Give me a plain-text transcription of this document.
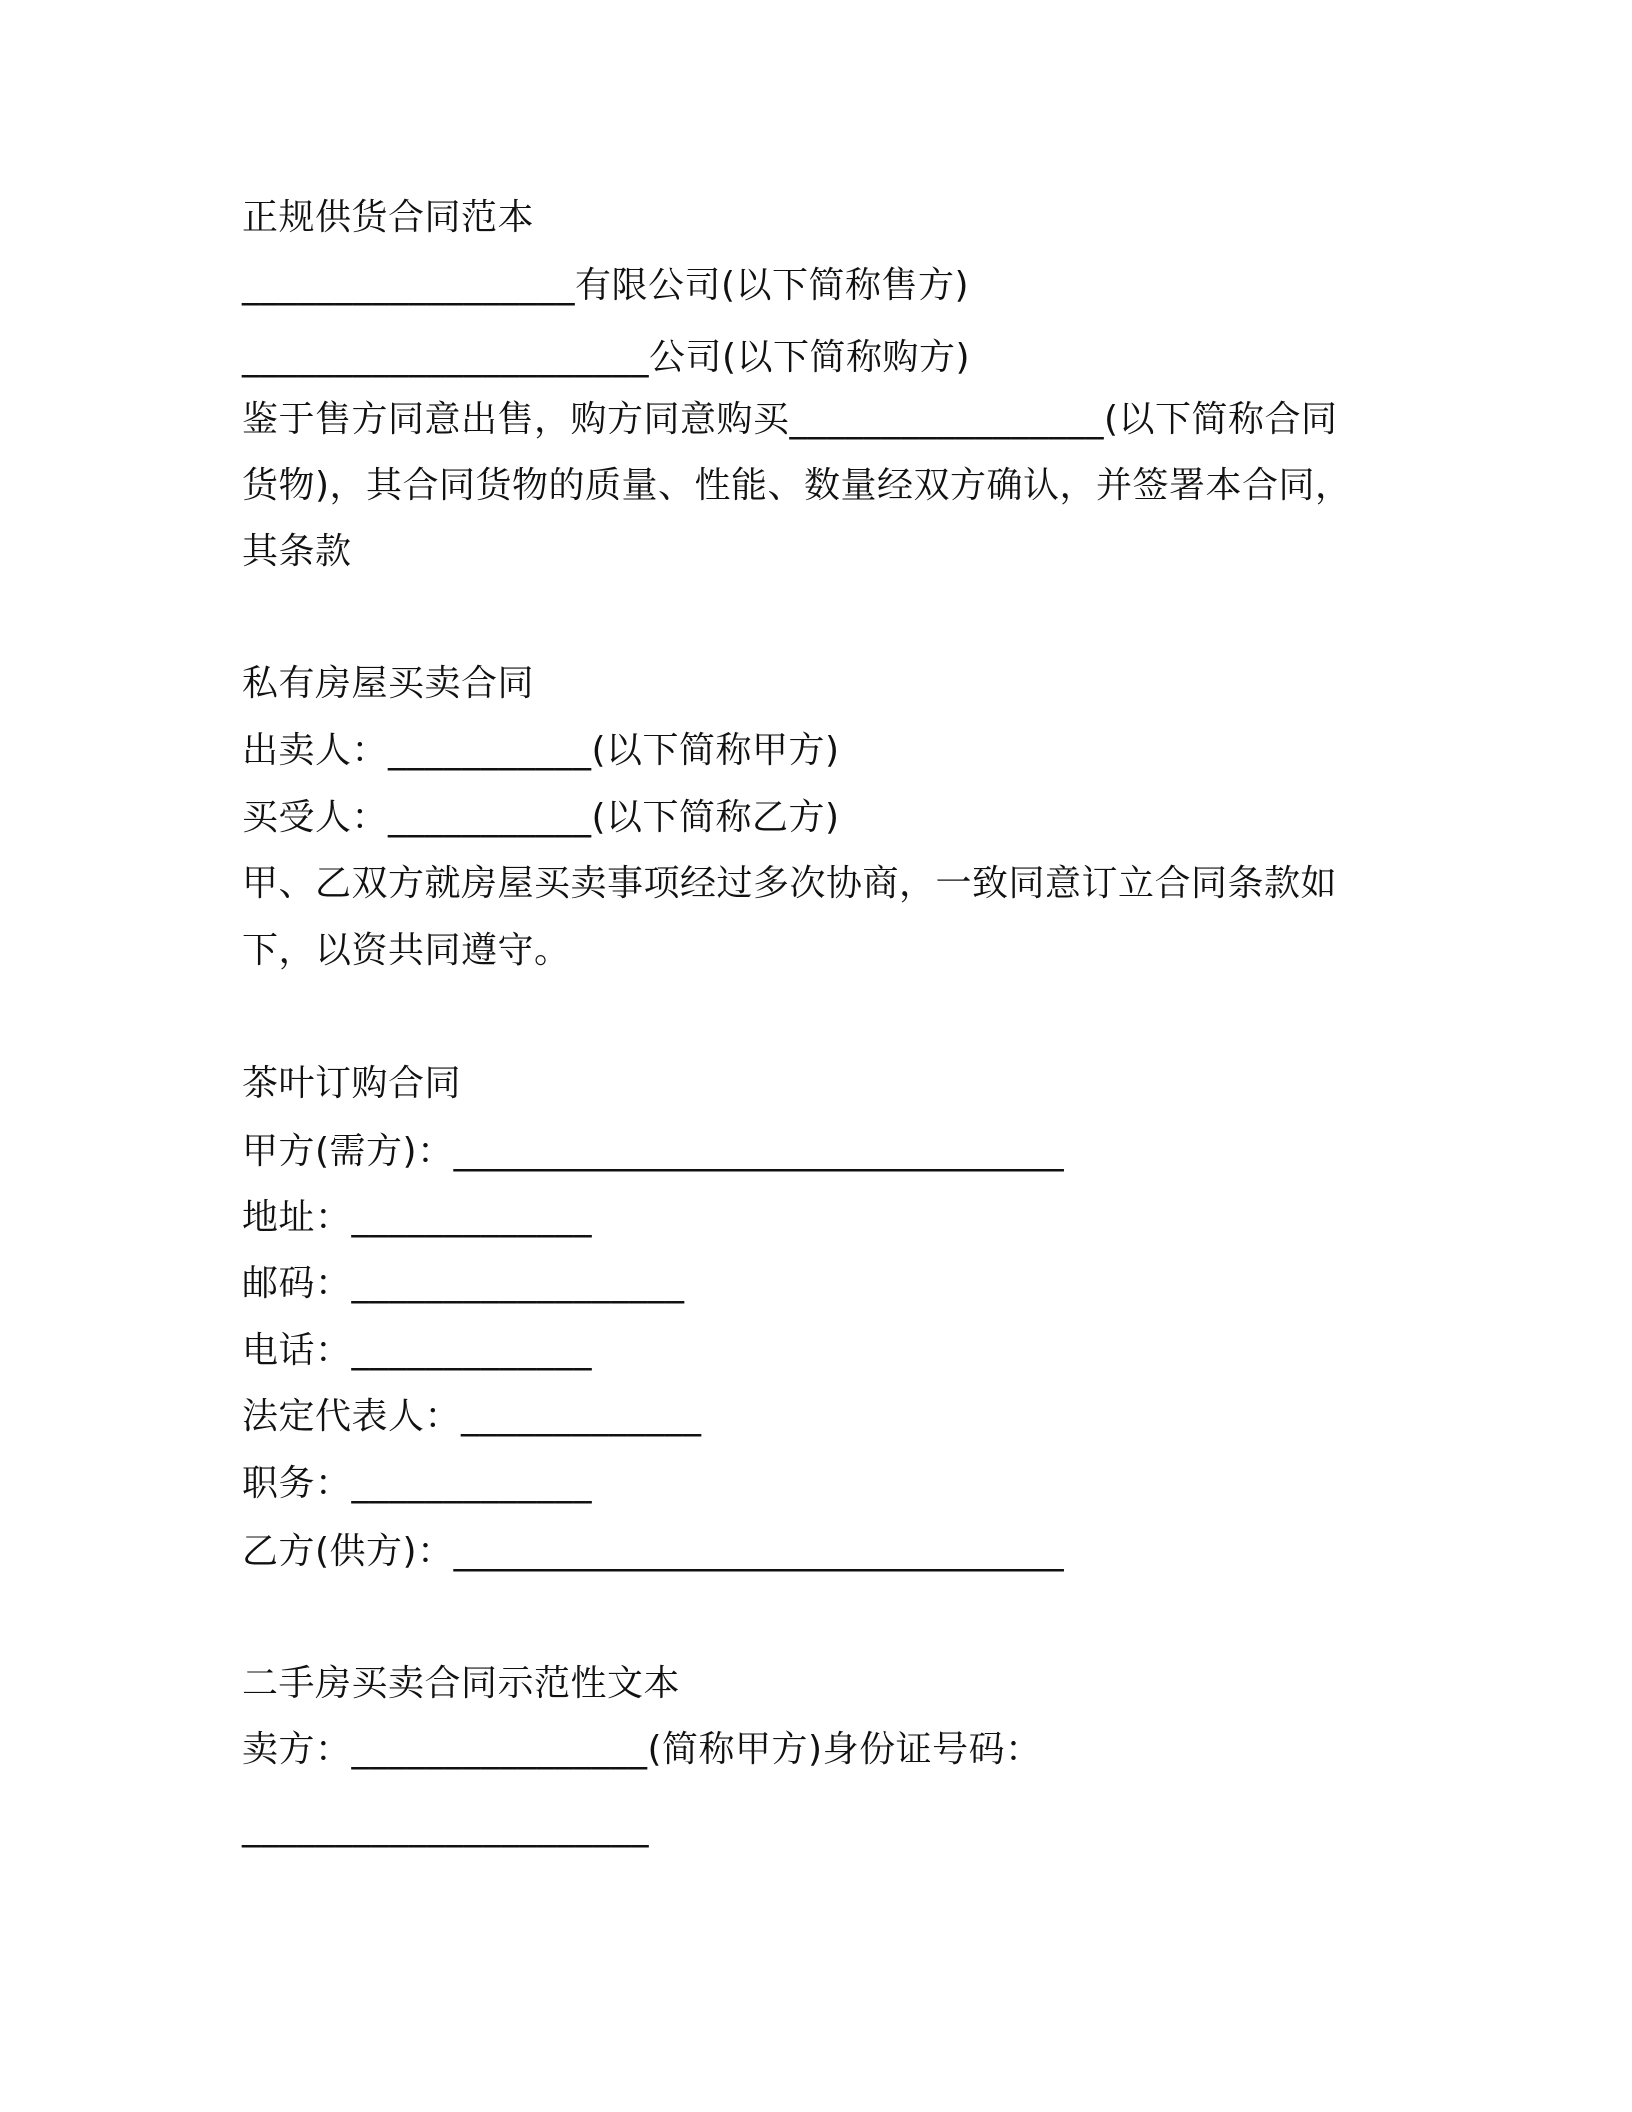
正规供货合同范本
__________________有限公司(以下简称售方)
______________________公司(以下简称购方)
鉴于售方同意出售，购方同意购买_________________(以下简称合同
货物)，其合同货物的质量、性能、数量经双方确认，并签署本合同，
其条款
私有房屋买卖合同
出卖人：___________(以下简称甲方)
买受人：___________(以下简称乙方)
甲、乙双方就房屋买卖事项经过多次协商，一致同意订立合同条款如
下，以资共同遵守。
茶叶订购合同
甲方(需方)：_________________________________
地址：_____________
邮码：__________________
电话：_____________
法定代表人：_____________
职务：_____________
乙方(供方)：_________________________________
二手房买卖合同示范性文本
卖方：________________(简称甲方)身份证号码：
______________________
